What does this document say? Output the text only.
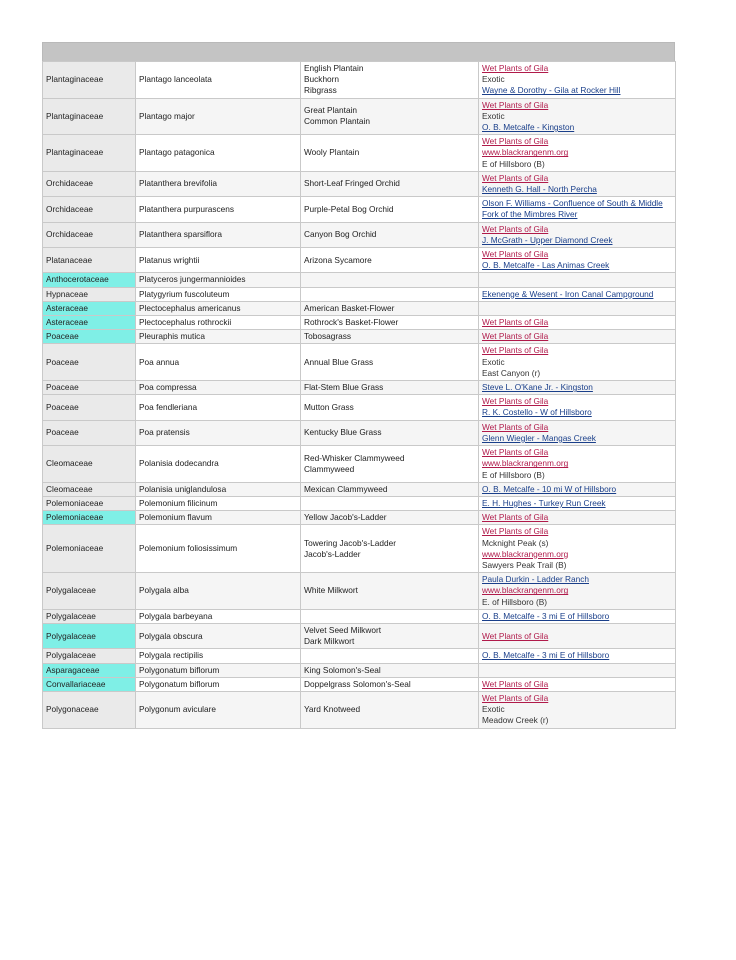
Plantaginaceae	Plantago lanceolata	English Plantain
Buckhorn
Ribgrass	Wet Plants of Gila
Exotic
Wayne & Dorothy - Gila at Rocker Hill

Plantaginaceae	Plantago major	Great Plantain
Common Plantain	Wet Plants of Gila
Exotic
O. B. Metcalfe - Kingston

Plantaginaceae	Plantago patagonica	Wooly Plantain	Wet Plants of Gila
www.blackrangenm.org
E of Hillsboro (B)

Orchidaceae	Platanthera brevifolia	Short-Leaf Fringed Orchid	Wet Plants of Gila
Kenneth G. Hall - North Percha

Orchidaceae	Platanthera purpurascens	Purple-Petal Bog Orchid	Olson F. Williams - Confluence of South & Middle Fork of the Mimbres River

Orchidaceae	Platanthera sparsiflora	Canyon Bog Orchid	Wet Plants of Gila
J. McGrath - Upper Diamond Creek

Platanaceae	Platanus wrightii	Arizona Sycamore	Wet Plants of Gila
O. B. Metcalfe - Las Animas Creek

Anthocerotaceae	Platyceros jungermannioides		
Hypnaceae	Platygyrium fuscoluteum		Ekenenge & Wesent - Iron Canal Campground

Asteraceae	Plectocephalus americanus	American Basket-Flower	

Asteraceae	Plectocephalus rothrockii	Rothrock's Basket-Flower	Wet Plants of Gila

Poaceae	Pleuraphis mutica	Tobosagrass	Wet Plants of Gila

Poaceae	Poa annua	Annual Blue Grass	Wet Plants of Gila
Exotic
East Canyon (r)

Poaceae	Poa compressa	Flat-Stem Blue Grass	Steve L. O'Kane Jr. - Kingston

Poaceae	Poa fendleriana	Mutton Grass	Wet Plants of Gila
R. K. Costello - W of Hillsboro

Poaceae	Poa pratensis	Kentucky Blue Grass	Wet Plants of Gila
Glenn Wiegler - Mangas Creek

Cleomaceae	Polanisia dodecandra	Red-Whisker Clammyweed
Clammyweed	Wet Plants of Gila
www.blackrangenm.org
E of Hillsboro (B)

Cleomaceae	Polanisia uniglandulosa	Mexican Clammyweed	O. B. Metcalfe - 10 mi W of Hillsboro

Polemoniaceae	Polemonium filicinum		E. H. Hughes - Turkey Run Creek

Polemoniaceae	Polemonium flavum	Yellow Jacob's-Ladder	Wet Plants of Gila

Polemoniaceae	Polemonium foliosissimum	Towering Jacob's-Ladder
Jacob's-Ladder	Wet Plants of Gila
Mcknight Peak (s)
www.blackrangenm.org
Sawyers Peak Trail (B)

Polygalaceae	Polygala alba	White Milkwort	Paula Durkin - Ladder Ranch
www.blackrangenm.org
E. of Hillsboro (B)

Polygalaceae	Polygala barbeyana		O. B. Metcalfe - 3 mi E of Hillsboro

Polygalaceae	Polygala obscura	Velvet Seed Milkwort
Dark Milkwort	Wet Plants of Gila

Polygalaceae	Polygala rectipilis		O. B. Metcalfe - 3 mi E of Hillsboro

Asparagaceae	Polygonatum biflorum	King Solomon's-Seal	

Convallariaceae	Polygonatum biflorum	Doppelgrass Solomon's-Seal	Wet Plants of Gila

Polygonaceae	Polygonum aviculare	Yard Knotweed	Wet Plants of Gila
Exotic
Meadow Creek (r)
